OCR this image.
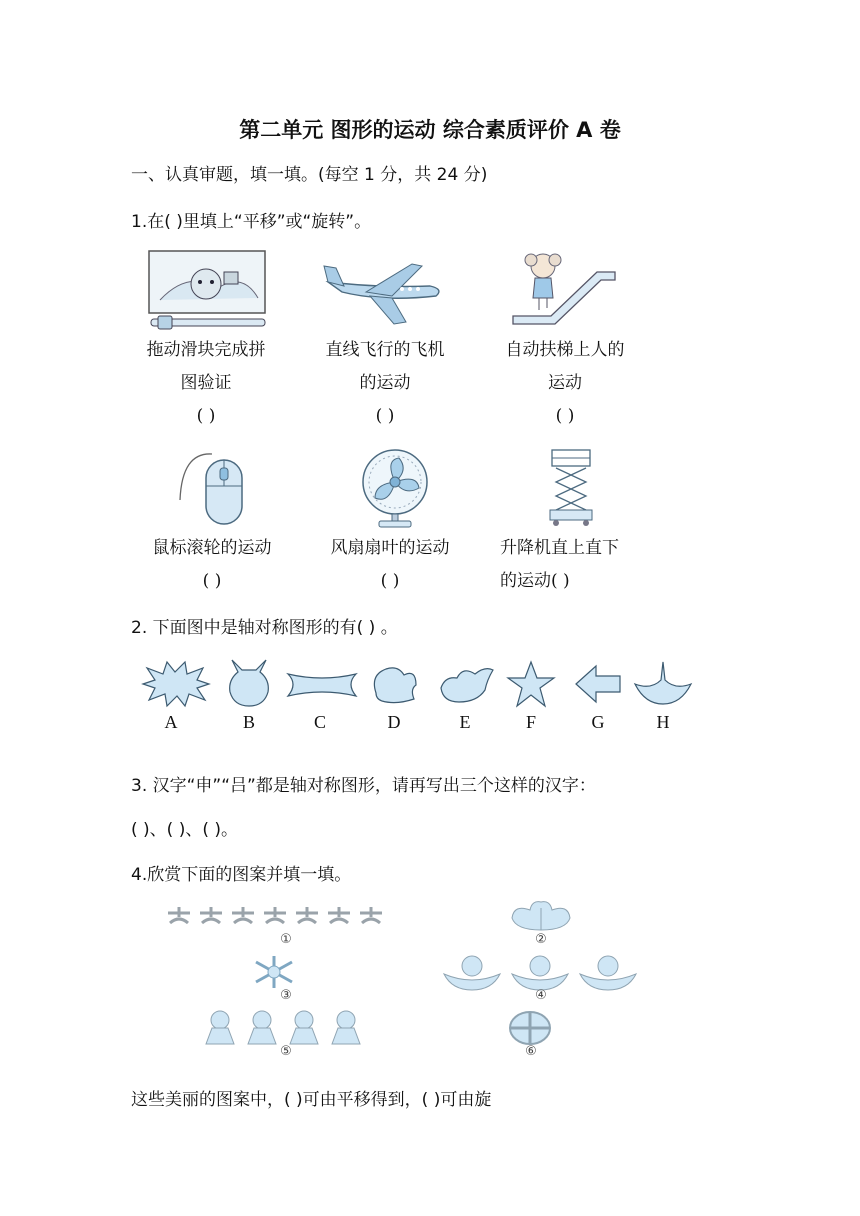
第二单元 图形的运动 综合素质评价 A 卷
一、认真审题，填一填。(每空 1 分，共 24 分)
1.在( )里填上“平移”或“旋转”。
拖动滑块完成拼
图验证
( )
直线飞行的飞机
的运动
( )
自动扶梯上人的
运动
( )
鼠标滚轮的运动
( )
风扇扇叶的运动
( )
升降机直上直下
的运动( )
2. 下面图中是轴对称图形的有( ) 。
A	B	C	D	E	F	G	H
3. 汉字“申”“吕”都是轴对称图形，请再写出三个这样的汉字：
( )、( )、( )。
4.欣赏下面的图案并填一填。
①	②
③	④
⑤	⑥
这些美丽的图案中，( )可由平移得到，( )可由旋
